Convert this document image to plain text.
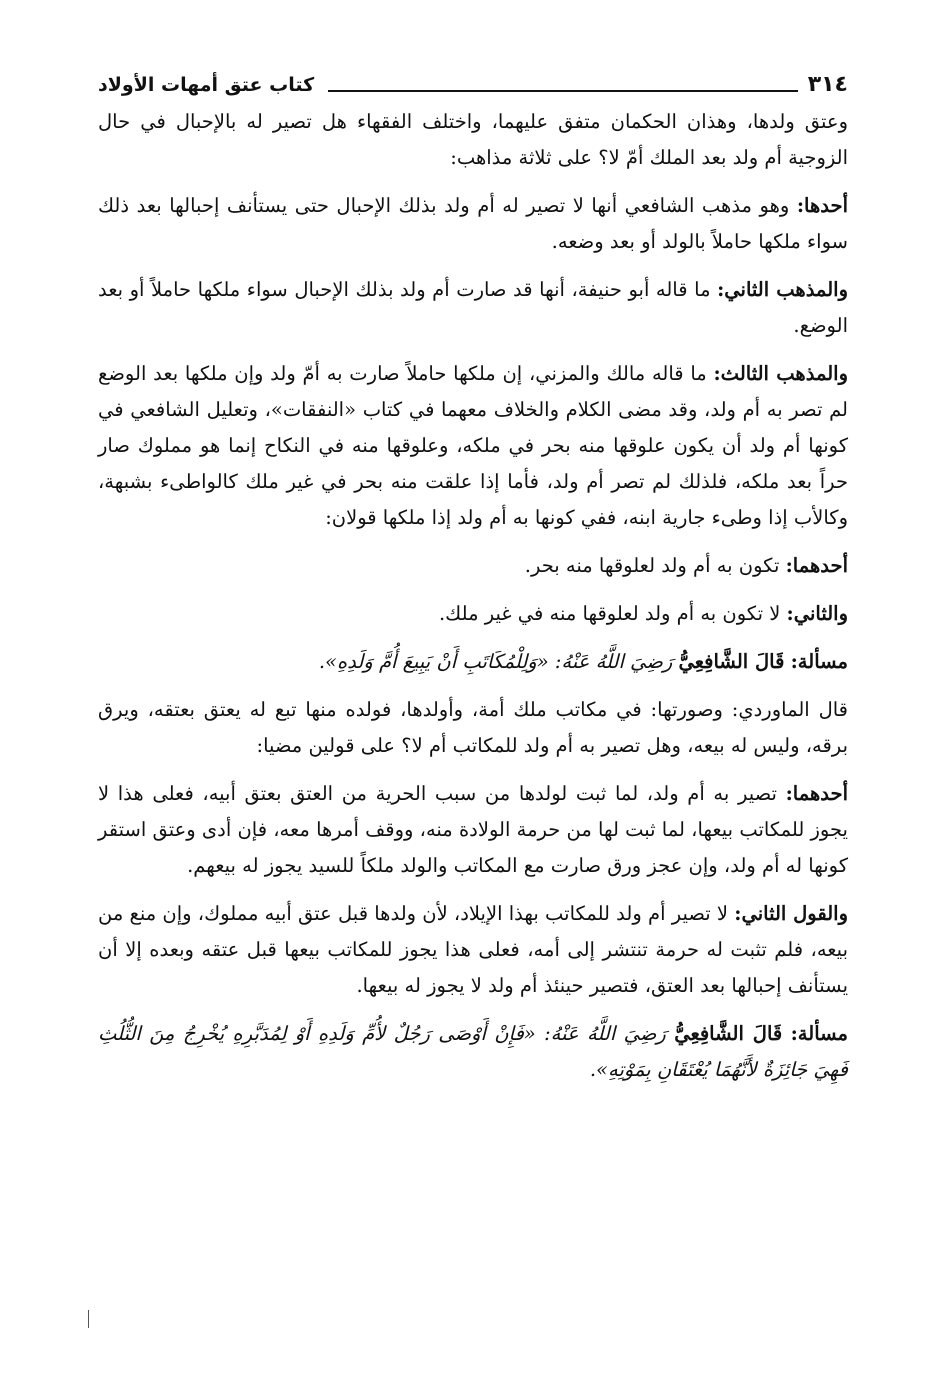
٣١٤
كتاب عتق أمهات الأولاد

وعتق ولدها، وهذان الحكمان متفق عليهما، واختلف الفقهاء هل تصير له بالإحبال في حال الزوجية أم ولد بعد الملك أمّ لا؟ على ثلاثة مذاهب:

أحدها: وهو مذهب الشافعي أنها لا تصير له أم ولد بذلك الإحبال حتى يستأنف إحبالها بعد ذلك سواء ملكها حاملاً بالولد أو بعد وضعه.

والمذهب الثاني: ما قاله أبو حنيفة، أنها قد صارت أم ولد بذلك الإحبال سواء ملكها حاملاً أو بعد الوضع.

والمذهب الثالث: ما قاله مالك والمزني، إن ملكها حاملاً صارت به أمّ ولد وإن ملكها بعد الوضع لم تصر به أم ولد، وقد مضى الكلام والخلاف معهما في كتاب «النفقات»، وتعليل الشافعي في كونها أم ولد أن يكون علوقها منه بحر في ملكه، وعلوقها منه في النكاح إنما هو مملوك صار حراً بعد ملكه، فلذلك لم تصر أم ولد، فأما إذا علقت منه بحر في غير ملك كالواطىء بشبهة، وكالأب إذا وطىء جارية ابنه، ففي كونها به أم ولد إذا ملكها قولان:

أحدهما: تكون به أم ولد لعلوقها منه بحر.

والثاني: لا تكون به أم ولد لعلوقها منه في غير ملك.

مسألة: قَالَ الشَّافِعِيُّ رَضِيَ اللَّهُ عَنْهُ: «وَلِلْمُكَاتَبِ أَنْ يَبِيعَ أُمَّ وَلَدِهِ».

قال الماوردي: وصورتها: في مكاتب ملك أمة، وأولدها، فولده منها تبع له يعتق بعتقه، ويرق برقه، وليس له بيعه، وهل تصير به أم ولد للمكاتب أم لا؟ على قولين مضيا:

أحدهما: تصير به أم ولد، لما ثبت لولدها من سبب الحرية من العتق بعتق أبيه، فعلى هذا لا يجوز للمكاتب بيعها، لما ثبت لها من حرمة الولادة منه، ووقف أمرها معه، فإن أدى وعتق استقر كونها له أم ولد، وإن عجز ورق صارت مع المكاتب والولد ملكاً للسيد يجوز له بيعهم.

والقول الثاني: لا تصير أم ولد للمكاتب بهذا الإيلاد، لأن ولدها قبل عتق أبيه مملوك، وإن منع من بيعه، فلم تثبت له حرمة تنتشر إلى أمه، فعلى هذا يجوز للمكاتب بيعها قبل عتقه وبعده إلا أن يستأنف إحبالها بعد العتق، فتصير حينئذ أم ولد لا يجوز له بيعها.

مسألة: قَالَ الشَّافِعِيُّ رَضِيَ اللَّهُ عَنْهُ: «فَإِنْ أَوْصَى رَجُلٌ لأُمِّ وَلَدِهِ أَوْ لِمُدَبَّرِهِ يُخْرِجُ مِنَ الثُّلُثِ فَهِيَ جَائِزَةٌ لأَنَّهُمَا يُعْتَقَانِ بِمَوْتِهِ».
